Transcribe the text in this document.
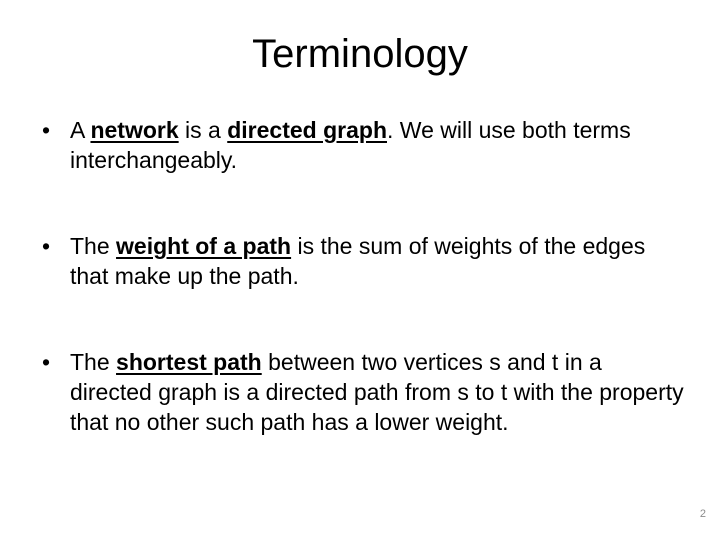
Terminology
• A network is a directed graph. We will use both terms interchangeably.
• The weight of a path is the sum of weights of the edges that make up the path.
• The shortest path between two vertices s and t in a directed graph is a directed path from s to t with the property that no other such path has a lower weight.
2
